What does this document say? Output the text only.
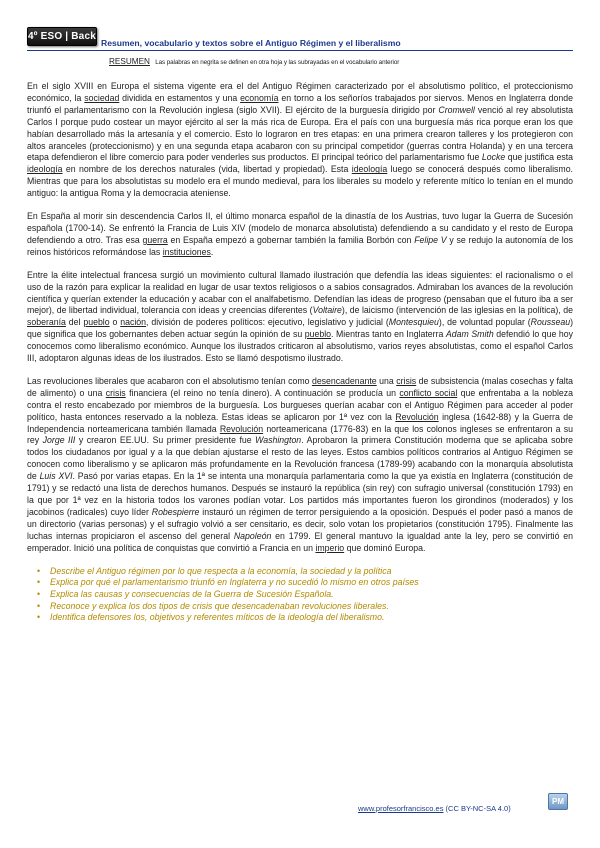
4º ESO | Back
Resumen, vocabulario y textos sobre el Antiguo Régimen y el liberalismo
RESUMEN Las palabras en negrita se definen en otra hoja y las subrayadas en el vocabulario anterior

En el siglo XVIII en Europa el sistema vigente era el del Antiguo Régimen caracterizado por el absolutismo político, el proteccionismo económico, la sociedad dividida en estamentos y una economía en torno a los señoríos trabajados por siervos. Menos en Inglaterra donde triunfó el parlamentarismo con la Revolución inglesa (siglo XVII). El ejército de la burguesía dirigido por Cromwell venció al rey absolutista Carlos I porque pudo costear un mayor ejército al ser la más rica de Europa. Era el país con una burguesía más rica porque eran los que habían desarrollado más la artesanía y el comercio. Esto lo lograron en tres etapas: en una primera crearon talleres y los protegieron con altos aranceles (proteccionismo) y en una segunda etapa acabaron con su principal competidor (guerras contra Holanda) y en una tercera etapa defendieron el libre comercio para poder venderles sus productos. El principal teórico del parlamentarismo fue Locke que justifica esta ideología en nombre de los derechos naturales (vida, libertad y propiedad). Esta ideología luego se conocerá después como liberalismo. Mientras que para los absolutistas su modelo era el mundo medieval, para los liberales su modelo y referente mítico lo tenían en el mundo antiguo: la antigua Roma y la democracia ateniense.

En España al morir sin descendencia Carlos II, el último monarca español de la dinastía de los Austrias, tuvo lugar la Guerra de Sucesión española (1700-14). Se enfrentó la Francia de Luis XIV (modelo de monarca absolutista) defendiendo a su candidato y el resto de Europa defendiendo a otro. Tras esa guerra en España empezó a gobernar también la familia Borbón con Felipe V y se redujo la autonomía de los reinos históricos reformándose las instituciones.

Entre la élite intelectual francesa surgió un movimiento cultural llamado ilustración que defendía las ideas siguientes: el racionalismo o el uso de la razón para explicar la realidad en lugar de usar textos religiosos o a sabios consagrados. Admiraban los avances de la revolución científica y querían extender la educación y acabar con el analfabetismo. Defendían las ideas de progreso (pensaban que el futuro iba a ser mejor), de libertad individual, tolerancia con ideas y creencias diferentes (Voltaire), de laicismo (intervención de las iglesias en la política), de soberanía del pueblo o nación, división de poderes políticos: ejecutivo, legislativo y judicial (Montesquieu), de voluntad popular (Rousseau) que significa que los gobernantes deben actuar según la opinión de su pueblo. Mientras tanto en Inglaterra Adam Smith defendió lo que hoy conocemos como liberalismo económico. Aunque los ilustrados criticaron al absolutismo, varios reyes absolutistas, como el español Carlos III, adoptaron algunas ideas de los ilustrados. Esto se llamó despotismo ilustrado.

Las revoluciones liberales que acabaron con el absolutismo tenían como desencadenante una crisis de subsistencia (malas cosechas y falta de alimento) o una crisis financiera (el reino no tenía dinero). A continuación se producía un conflicto social que enfrentaba a la nobleza contra el resto encabezado por miembros de la burguesía. Los burgueses querían acabar con el Antiguo Régimen para acceder al poder político, hasta entonces reservado a la nobleza. Estas ideas se aplicaron por 1ª vez con la Revolución inglesa (1642-88) y la Guerra de Independencia norteamericana también llamada Revolución norteamericana (1776-83) en la que los colonos ingleses se enfrentaron a su rey Jorge III y crearon EE.UU. Su primer presidente fue Washington. Aprobaron la primera Constitución moderna que se aplicaba sobre todos los ciudadanos por igual y a la que debían ajustarse el resto de las leyes. Estos cambios políticos contrarios al Antiguo Régimen se conocen como liberalismo y se aplicaron más profundamente en la Revolución francesa (1789-99) acabando con la monarquía absolutista de Luis XVI. Pasó por varias etapas. En la 1ª se intenta una monarquía parlamentaria como la que ya existía en Inglaterra (constitución de 1791) y se redactó una lista de derechos humanos. Después se instauró la república (sin rey) con sufragio universal (constitución 1793) en la que por 1ª vez en la historia todos los varones podían votar. Los partidos más importantes fueron los girondinos (moderados) y los jacobinos (radicales) cuyo líder Robespierre instauró un régimen de terror persiguiendo a la oposición. Después el poder pasó a manos de un directorio (varias personas) y el sufragio volvió a ser censitario, es decir, solo votan los propietarios (constitución 1795). Finalmente las luchas internas propiciaron el ascenso del general Napoleón en 1799. El general mantuvo la igualdad ante la ley, pero se convirtió en emperador. Inició una política de conquistas que convirtió a Francia en un imperio que dominó Europa.

• Describe el Antiguo régimen por lo que respecta a la economía, la sociedad y la política
• Explica por qué el parlamentarismo triunfó en Inglaterra y no sucedió lo mismo en otros países
• Explica las causas y consecuencias de la Guerra de Sucesión Española.
• Reconoce y explica los dos tipos de crisis que desencadenaban revoluciones liberales.
• Identifica defensores los, objetivos y referentes míticos de la ideología del liberalismo.
www.profesorfrancisco.es (CC BY-NC-SA 4.0)
PM
